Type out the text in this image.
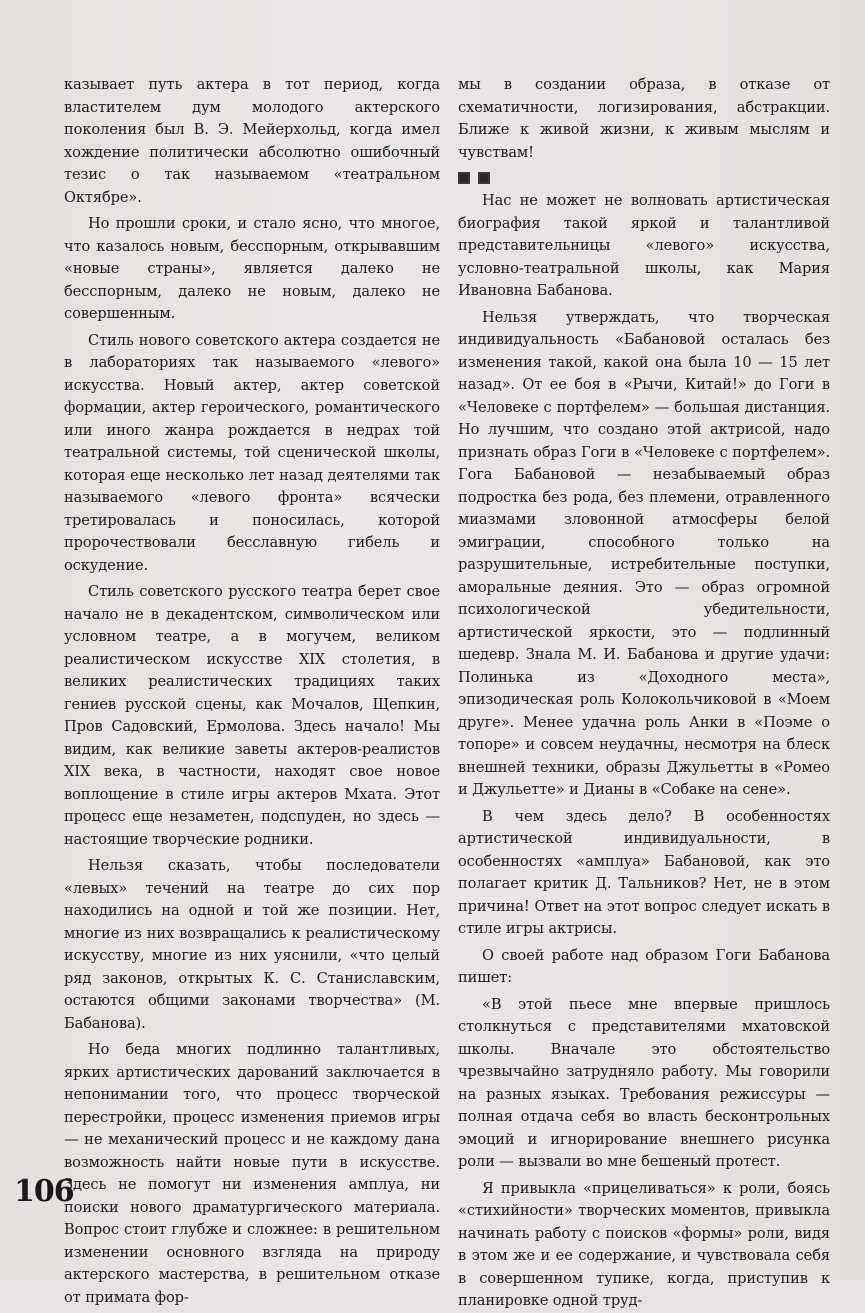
казывает путь актера в тот период, когда властителем дум молодого актерского поколения был В. Э. Мейерхольд, когда имел хождение политически абсолютно ошибочный тезис о так называемом «театральном Октябре».

Но прошли сроки, и стало ясно, что многое, что казалось новым, бесспорным, открывавшим «новые страны», является далеко не бесспорным, далеко не новым, далеко не совершенным.

Стиль нового советского актера создается не в лабораториях так называемого «левого» искусства. Новый актер, актер советской формации, актер героического, романтического или иного жанра рождается в недрах той театральной системы, той сценической школы, которая еще несколько лет назад деятелями так называемого «левого фронта» всячески третировалась и поносилась, которой пророчествовали бесславную гибель и оскудение.

Стиль советского русского театра берет свое начало не в декадентском, символическом или условном театре, а в могучем, великом реалистическом искусстве XIX столетия, в великих реалистических традициях таких гениев русской сцены, как Мочалов, Щепкин, Пров Садовский, Ермолова. Здесь начало! Мы видим, как великие заветы актеров-реалистов XIX века, в частности, находят свое новое воплощение в стиле игры актеров Мхата. Этот процесс еще незаметен, подспуден, но здесь — настоящие творческие родники.

Нельзя сказать, чтобы последователи «левых» течений на театре до сих пор находились на одной и той же позиции. Нет, многие из них возвращались к реалистическому искусству, многие из них уяснили, «что целый ряд законов, открытых К. С. Станиславским, остаются общими законами творчества» (М. Бабанова).

Но беда многих подлинно талантливых, ярких артистических дарований заключается в непонимании того, что процесс творческой перестройки, процесс изменения приемов игры — не механический процесс и не каждому дана возможность найти новые пути в искусстве. Здесь не помогут ни изменения амплуа, ни поиски нового драматургического материала. Вопрос стоит глубже и сложнее: в решительном изменении основного взгляда на природу актерского мастерства, в решительном отказе от примата фор-

мы в создании образа, в отказе от схематичности, логизирования, абстракции. Ближе к живой жизни, к живым мыслям и чувствам!

Нас не может не волновать артистическая биография такой яркой и талантливой представительницы «левого» искусства, условно-театральной школы, как Мария Ивановна Бабанова.

Нельзя утверждать, что творческая индивидуальность «Бабановой осталась без изменения такой, какой она была 10 — 15 лет назад». От ее боя в «Рычи, Китай!» до Гоги в «Человеке с портфелем» — большая дистанция. Но лучшим, что создано этой актрисой, надо признать образ Гоги в «Человеке с портфелем». Гога Бабановой — незабываемый образ подростка без рода, без племени, отравленного миазмами зловонной атмосферы белой эмиграции, способного только на разрушительные, истребительные поступки, аморальные деяния. Это — образ огромной психологической убедительности, артистической яркости, это — подлинный шедевр. Знала М. И. Бабанова и другие удачи: Полинька из «Доходного места», эпизодическая роль Колокольчиковой в «Моем друге». Менее удачна роль Анки в «Поэме о топоре» и совсем неудачны, несмотря на блеск внешней техники, образы Джульетты в «Ромео и Джульетте» и Дианы в «Собаке на сене».

В чем здесь дело? В особенностях артистической индивидуальности, в особенностях «амплуа» Бабановой, как это полагает критик Д. Тальников? Нет, не в этом причина! Ответ на этот вопрос следует искать в стиле игры актрисы.

О своей работе над образом Гоги Бабанова пишет:

«В этой пьесе мне впервые пришлось столкнуться с представителями мхатовской школы. Вначале это обстоятельство чрезвычайно затрудняло работу. Мы говорили на разных языках. Требования режиссуры — полная отдача себя во власть бесконтрольных эмоций и игнорирование внешнего рисунка роли — вызвали во мне бешеный протест.

Я привыкла «прицеливаться» к роли, боясь «стихийности» творческих моментов, привыкла начинать работу с поисков «формы» роли, видя в этом же и ее содержание, и чувствовала себя в совершенном тупике, когда, приступив к планировке одной труд-

106
